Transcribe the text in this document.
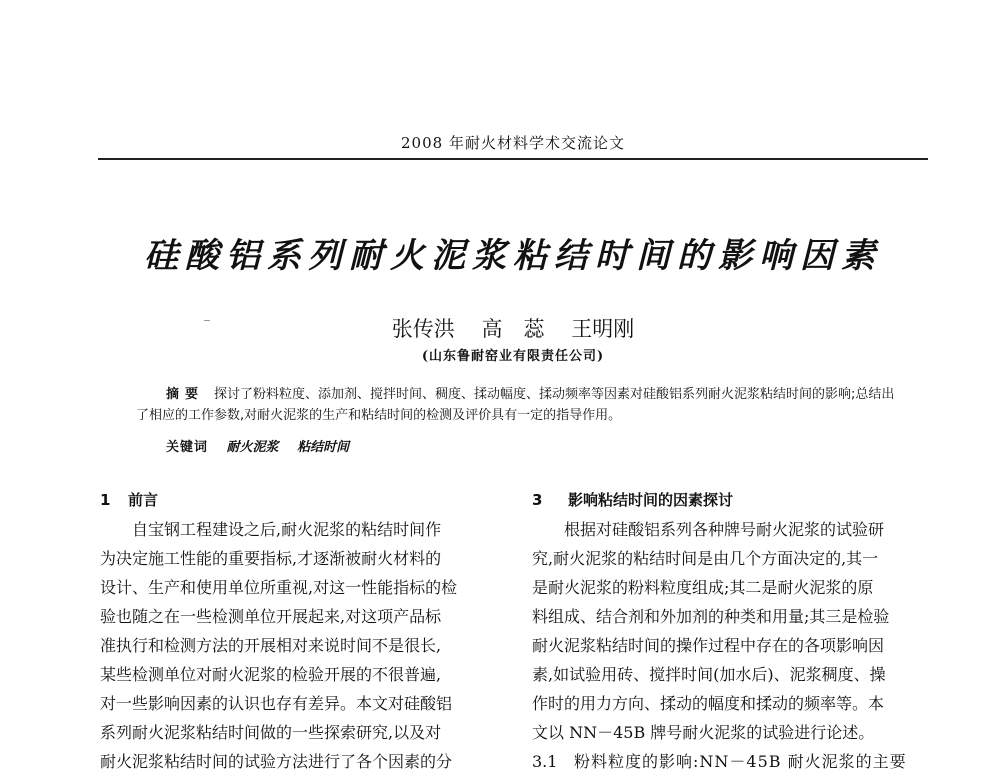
2008 年耐火材料学术交流论文
硅酸铝系列耐火泥浆粘结时间的影响因素
张传洪 高　蕊 王明刚
(山东鲁耐窑业有限责任公司)
摘要 探讨了粉料粒度、添加剂、搅拌时间、稠度、揉动幅度、揉动频率等因素对硅酸铝系列耐火泥浆粘结时间的影响;总结出了相应的工作参数,对耐火泥浆的生产和粘结时间的检测及评价具有一定的指导作用。
关键词 耐火泥浆 粘结时间
1 前言
自宝钢工程建设之后,耐火泥浆的粘结时间作
为决定施工性能的重要指标,才逐渐被耐火材料的
设计、生产和使用单位所重视,对这一性能指标的检
验也随之在一些检测单位开展起来,对这项产品标
准执行和检测方法的开展相对来说时间不是很长,
某些检测单位对耐火泥浆的检验开展的不很普遍,
对一些影响因素的认识也存有差异。本文对硅酸铝
系列耐火泥浆粘结时间做的一些探索研究,以及对
耐火泥浆粘结时间的试验方法进行了各个因素的分
3 影响粘结时间的因素探讨
根据对硅酸铝系列各种牌号耐火泥浆的试验研
究,耐火泥浆的粘结时间是由几个方面决定的,其一
是耐火泥浆的粉料粒度组成;其二是耐火泥浆的原
料组成、结合剂和外加剂的种类和用量;其三是检验
耐火泥浆粘结时间的操作过程中存在的各项影响因
素,如试验用砖、搅拌时间(加水后)、泥浆稠度、操
作时的用力方向、揉动的幅度和揉动的频率等。本
文以 NN－45B 牌号耐火泥浆的试验进行论述。
3.1 粉料粒度的影响:NN－45B 耐火泥浆的主要
